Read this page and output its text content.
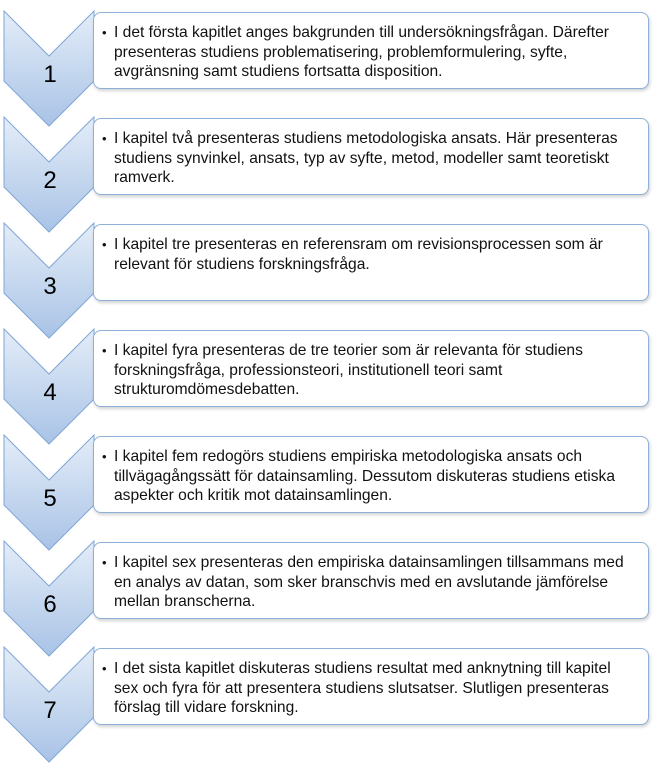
1
• I det första kapitlet anges bakgrunden till undersökningsfrågan. Därefter presenteras studiens problematisering, problemformulering, syfte, avgränsning samt studiens fortsatta disposition.
2
• I kapitel två presenteras studiens metodologiska ansats. Här presenteras studiens synvinkel, ansats, typ av syfte, metod, modeller samt teoretiskt ramverk.
3
• I kapitel tre presenteras en referensram om revisionsprocessen som är relevant för studiens forskningsfråga.
4
• I kapitel fyra presenteras de tre teorier som är relevanta för studiens forskningsfråga, professionsteori, institutionell teori samt strukturomdömesdebatten.
5
• I kapitel fem redogörs studiens empiriska metodologiska ansats och tillvägagångssätt för datainsamling. Dessutom diskuteras studiens etiska aspekter och kritik mot datainsamlingen.
6
• I kapitel sex presenteras den empiriska datainsamlingen tillsammans med en analys av datan, som sker branschvis med en avslutande jämförelse mellan branscherna.
7
• I det sista kapitlet diskuteras studiens resultat med anknytning till kapitel sex och fyra för att presentera studiens slutsatser. Slutligen presenteras förslag till vidare forskning.
